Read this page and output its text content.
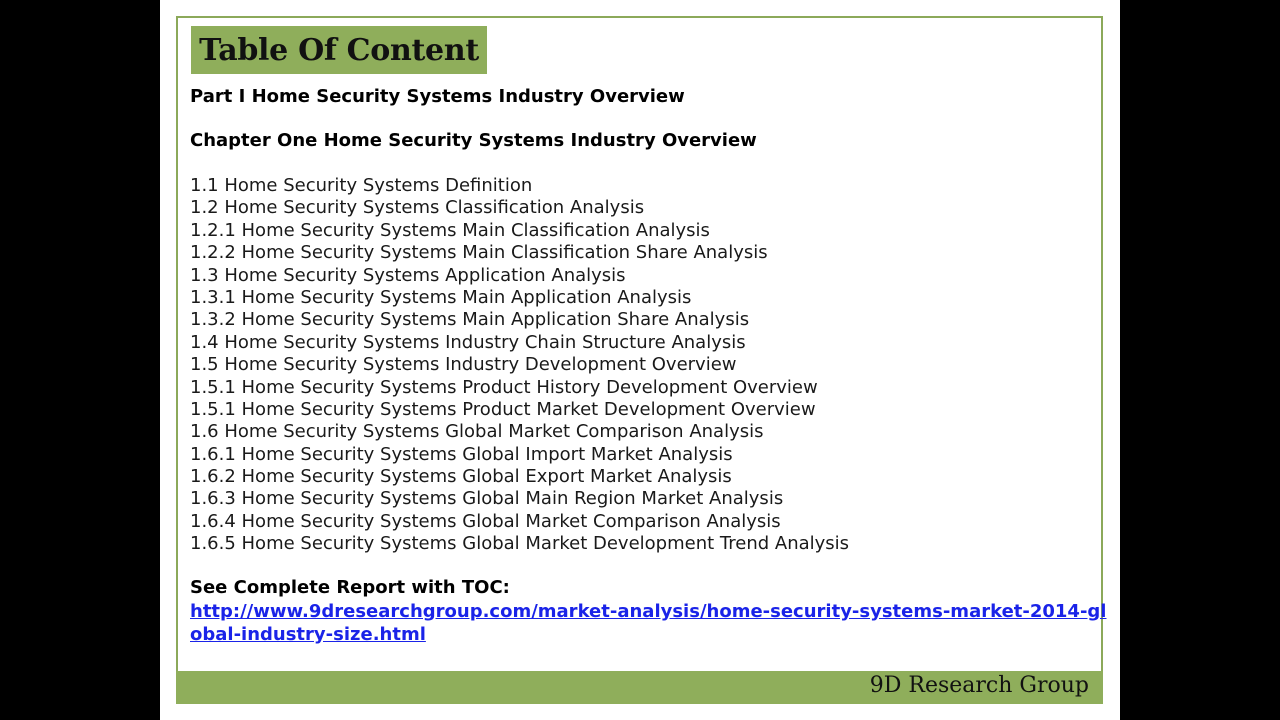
Table Of Content
Part I Home Security Systems Industry Overview
Chapter One Home Security Systems Industry Overview
1.1 Home Security Systems Definition
1.2 Home Security Systems Classification Analysis
1.2.1 Home Security Systems Main Classification Analysis
1.2.2 Home Security Systems Main Classification Share Analysis
1.3 Home Security Systems Application Analysis
1.3.1 Home Security Systems Main Application Analysis
1.3.2 Home Security Systems Main Application Share Analysis
1.4 Home Security Systems Industry Chain Structure Analysis
1.5 Home Security Systems Industry Development Overview
1.5.1 Home Security Systems Product History Development Overview
1.5.1 Home Security Systems Product Market Development Overview
1.6 Home Security Systems Global Market Comparison Analysis
1.6.1 Home Security Systems Global Import Market Analysis
1.6.2 Home Security Systems Global Export Market Analysis
1.6.3 Home Security Systems Global Main Region Market Analysis
1.6.4 Home Security Systems Global Market Comparison Analysis
1.6.5 Home Security Systems Global Market Development Trend Analysis
See Complete Report with TOC:
http://www.9dresearchgroup.com/market-analysis/home-security-systems-market-2014-global-industry-size.html
9D Research Group
